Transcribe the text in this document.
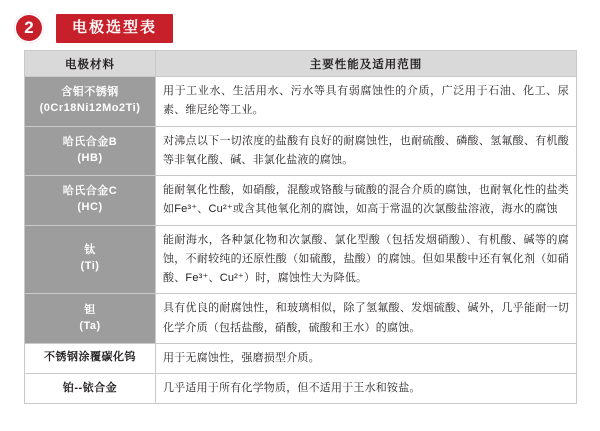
2	电极选型表
电极材料	主要性能及适用范围

含钼不锈钢
(0Cr18Ni12Mo2Ti)	用于工业水、生活用水、污水等具有弱腐蚀性的介质，广泛用于石油、化工、尿素、维尼纶等工业。

哈氏合金B
(HB)	对沸点以下一切浓度的盐酸有良好的耐腐蚀性，也耐硫酸、磷酸、氢氟酸、有机酸等非氧化酸、碱、非氯化盐液的腐蚀。

哈氏合金C
(HC)	能耐氧化性酸，如硝酸，混酸或铬酸与硫酸的混合介质的腐蚀，也耐氧化性的盐类如Fe³⁺、Cu²⁺或含其他氧化剂的腐蚀，如高于常温的次氯酸盐溶液，海水的腐蚀

钛
(Ti)	能耐海水，各种氯化物和次氯酸、氯化型酸（包括发烟硝酸）、有机酸、碱等的腐蚀，不耐较纯的还原性酸（如硫酸，盐酸）的腐蚀。但如果酸中还有氧化剂（如硝酸、Fe³⁺、Cu²⁺）时，腐蚀性大为降低。

钽
(Ta)	具有优良的耐腐蚀性，和玻璃相似，除了氢氟酸、发烟硫酸、碱外，几乎能耐一切化学介质（包括盐酸，硝酸，硫酸和王水）的腐蚀。

不锈钢涂覆碳化钨	用于无腐蚀性，强磨损型介质。

铂--铱合金	几乎适用于所有化学物质，但不适用于王水和铵盐。
